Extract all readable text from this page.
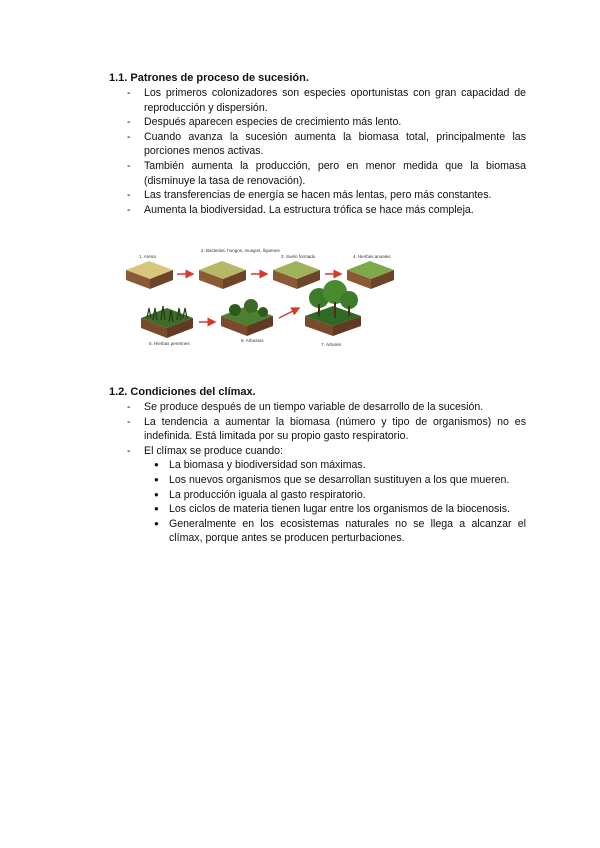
1.1. Patrones de proceso de sucesión.
- Los primeros colonizadores son especies oportunistas con gran capacidad de reproducción y dispersión.
- Después aparecen especies de crecimiento más lento.
- Cuando avanza la sucesión aumenta la biomasa total, principalmente las porciones menos activas.
- También aumenta la producción, pero en menor medida que la biomasa (disminuye la tasa de renovación).
- Las transferencias de energía se hacen más lentas, pero más constantes.
- Aumenta la biodiversidad. La estructura trófica se hace más compleja.
1. Arena
2. Bacterias, hongos, musgos, líquenes
3. Suelo formado	4. Hierbas anuales
5. Hierbas perennes
6. Arbustos
7. Árboles
1.2. Condiciones del clímax.
- Se produce después de un tiempo variable de desarrollo de la sucesión.
- La tendencia a aumentar la biomasa (número y tipo de organismos) no es indefinida. Está limitada por su propio gasto respiratorio.
- El clímax se produce cuando:
● La biomasa y biodiversidad son máximas.
● Los nuevos organismos que se desarrollan sustituyen a los que mueren.
● La producción iguala al gasto respiratorio.
● Los ciclos de materia tienen lugar entre los organismos de la biocenosis.
● Generalmente en los ecosistemas naturales no se llega a alcanzar el clímax, porque antes se producen perturbaciones.
